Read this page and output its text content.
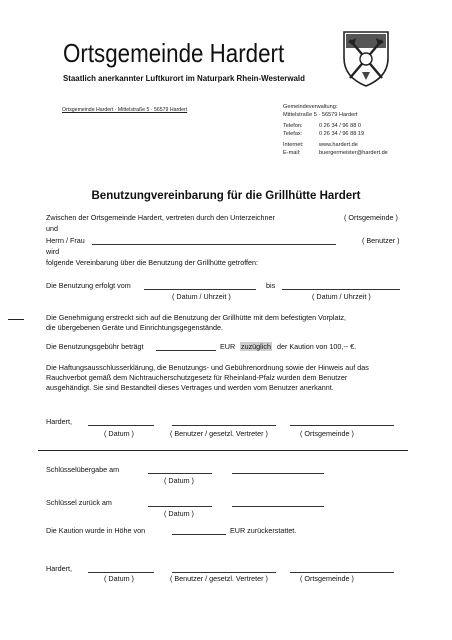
Ortsgemeinde Hardert
Staatlich anerkannter Luftkurort im Naturpark Rhein-Westerwald
Ortsgemeinde Hardert · Mittelstraße 5 · 56579 Hardert	Gemeindeverwaltung:
Mittelstraße 5 · 56579 Hardert
Telefon:	0 26 34 / 96 88 0
Telefax:	0 26 34 / 96 88 19
Internet:	www.hardert.de
E-mail:	buergermeister@hardert.de
Benutzungvereinbarung für die Grillhütte Hardert
Zwischen der Ortsgemeinde Hardert, vertreten durch den Unterzeichner	( Ortsgemeinde )
und
Herrn / Frau	( Benutzer )
wird
folgende Vereinbarung über die Benutzung der Grillhütte getroffen:
Die Benutzung erfolgt vom	bis
( Datum / Uhrzeit )	( Datum / Uhrzeit )
Die Genehmigung erstreckt sich auf die Benutzung der Grillhütte mit dem befestigten Vorplatz,
die übergebenen Geräte und Einrichtungsgegenstände.
Die Benutzungsgebühr beträgt	EUR zuzüglich der Kaution von 100,-- €.
Die Haftungsausschlusserklärung, die Benutzungs- und Gebührenordnung sowie der Hinweis auf das
Rauchverbot gemäß dem Nichtraucherschutzgesetz für Rheinland-Pfalz wurden dem Benutzer
ausgehändigt. Sie sind Bestandteil dieses Vertrages und werden vom Benutzer anerkannt.
Hardert,
( Datum )	( Benutzer / gesetzl. Vertreter )	( Ortsgemeinde )
Schlüsselübergabe am
( Datum )
Schlüssel zurück am
( Datum )
Die Kaution wurde in Höhe von	EUR zurückerstattet.
Hardert,
( Datum )	( Benutzer / gesetzl. Vertreter )	( Ortsgemeinde )
